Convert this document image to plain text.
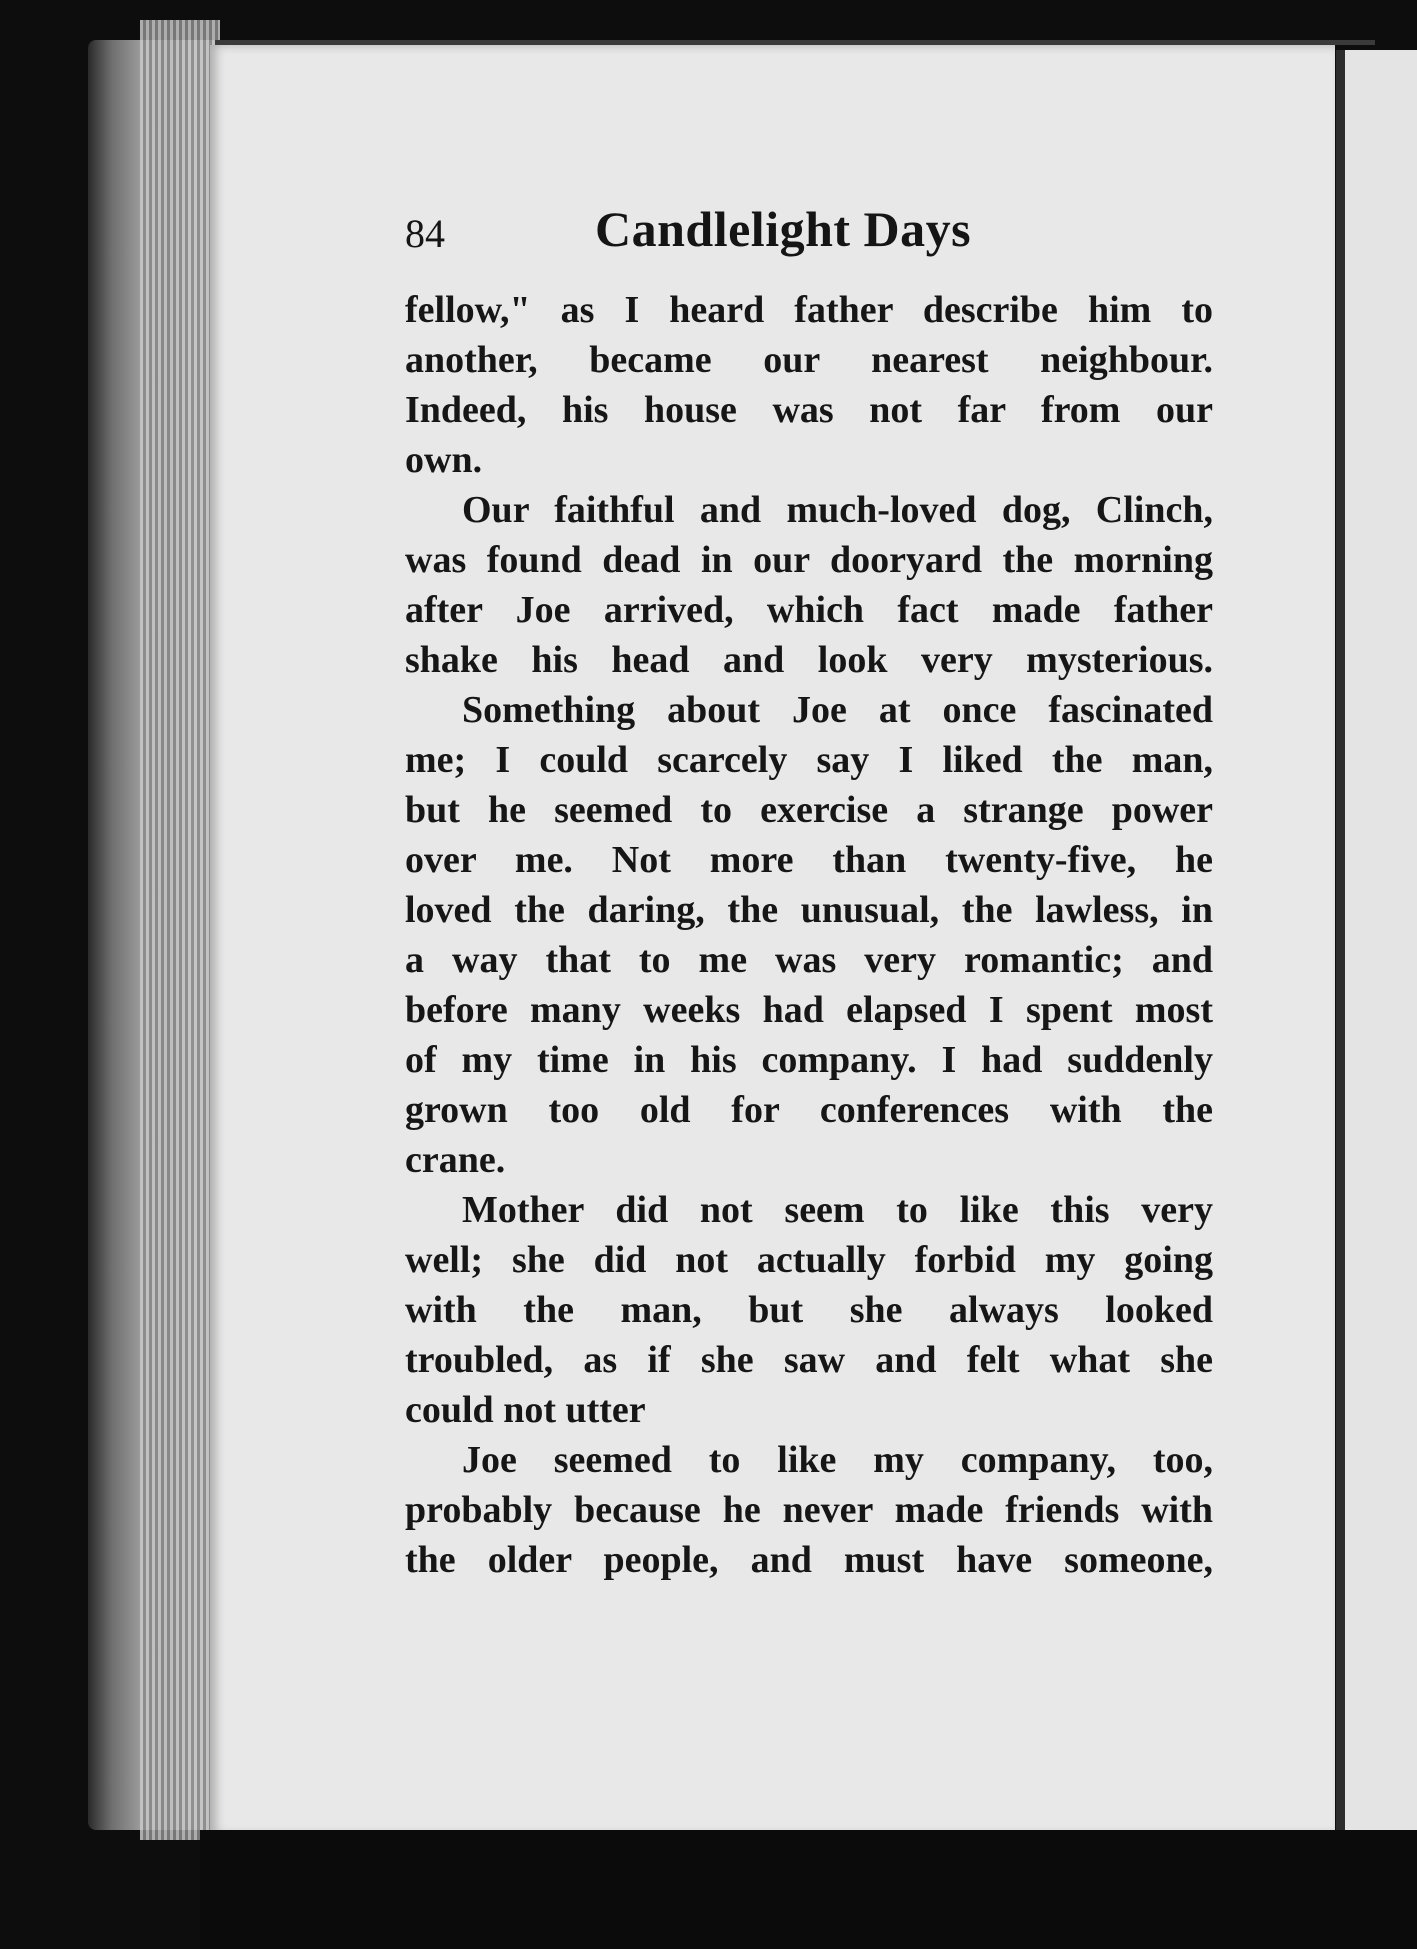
84	Candlelight Days
fellow," as I heard father describe him to
another, became our nearest neighbour.
Indeed, his house was not far from our
own.
Our faithful and much-loved dog, Clinch,
was found dead in our dooryard the morning
after Joe arrived, which fact made father
shake his head and look very mysterious.
Something about Joe at once fascinated
me; I could scarcely say I liked the man,
but he seemed to exercise a strange power
over me. Not more than twenty-five, he
loved the daring, the unusual, the lawless, in
a way that to me was very romantic; and
before many weeks had elapsed I spent most
of my time in his company. I had suddenly
grown too old for conferences with the
crane.
Mother did not seem to like this very
well; she did not actually forbid my going
with the man, but she always looked
troubled, as if she saw and felt what she
could not utter
Joe seemed to like my company, too,
probably because he never made friends with
the older people, and must have someone,
